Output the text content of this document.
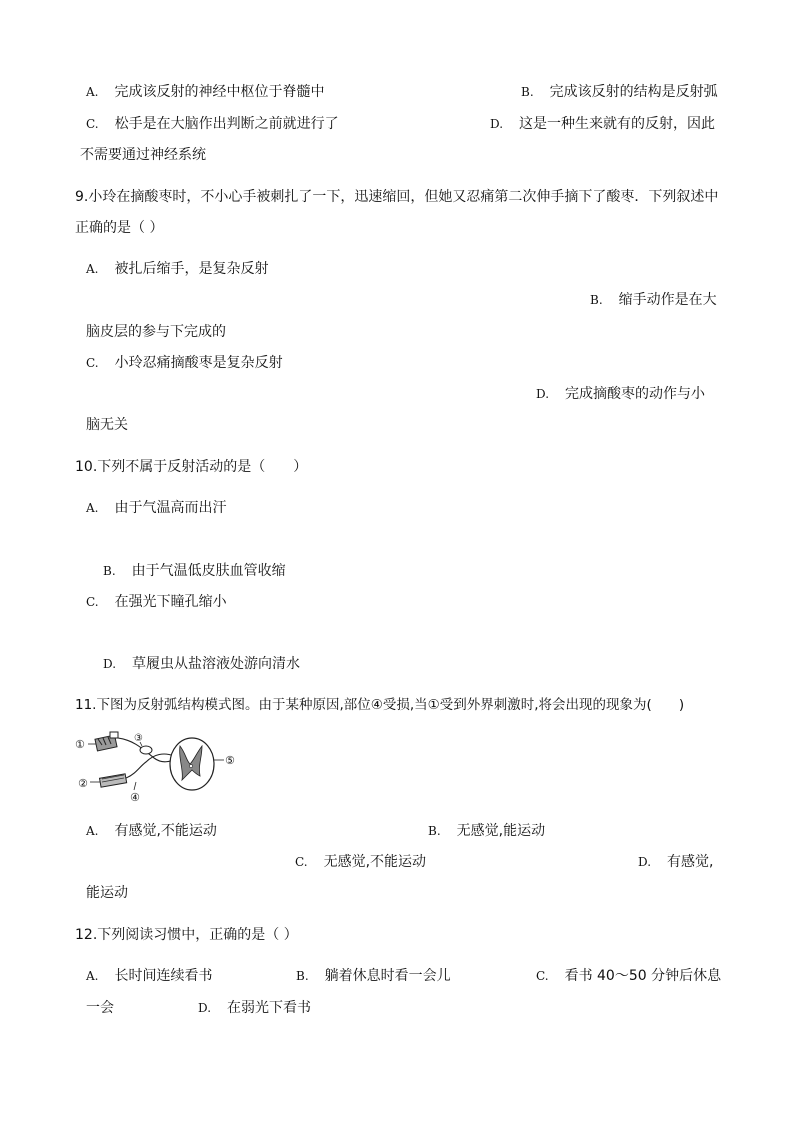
A. 完成该反射的神经中枢位于脊髓中	B. 完成该反射的结构是反射弧
C. 松手是在大脑作出判断之前就进行了	D. 这是一种生来就有的反射，因此
不需要通过神经系统
9.小玲在摘酸枣时，不小心手被刺扎了一下，迅速缩回，但她又忍痛第二次伸手摘下了酸枣．下列叙述中
正确的是（ ）
A. 被扎后缩手，是复杂反射
B. 缩手动作是在大
脑皮层的参与下完成的
C. 小玲忍痛摘酸枣是复杂反射
D. 完成摘酸枣的动作与小
脑无关
10.下列不属于反射活动的是（　　）
A. 由于气温高而出汗
B. 由于气温低皮肤血管收缩
C. 在强光下瞳孔缩小
D. 草履虫从盐溶液处游向清水
11.下图为反射弧结构模式图。由于某种原因,部位④受损,当①受到外界刺激时,将会出现的现象为(　　)
①
②
③
④
⑤
A. 有感觉,不能运动	B. 无感觉,能运动
C. 无感觉,不能运动	D. 有感觉,
能运动
12.下列阅读习惯中，正确的是（ ）
A. 长时间连续看书	B. 躺着休息时看一会儿	C. 看书 40～50 分钟后休息
一会	D. 在弱光下看书
